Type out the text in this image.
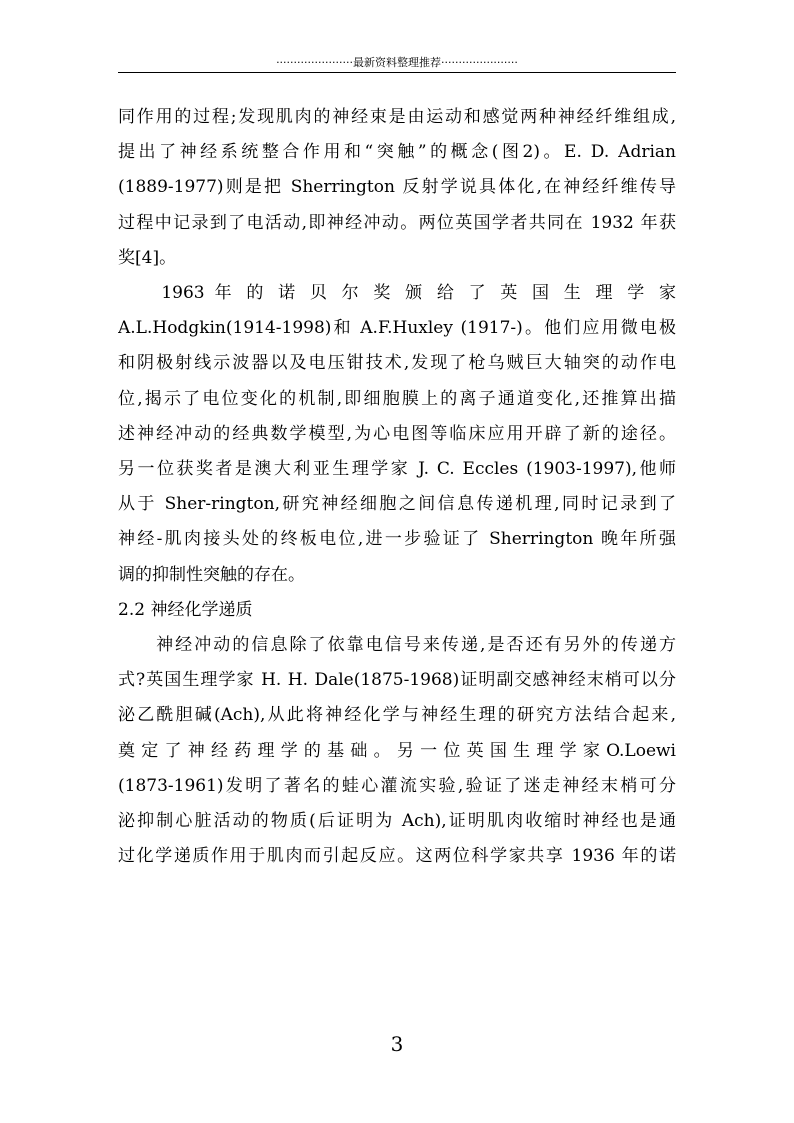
······················最新资料整理推荐······················
同作用的过程;发现肌肉的神经束是由运动和感觉两种神经纤维组成,
提出了神经系统整合作用和“突触”的概念(图2)。E. D. Adrian
(1889-1977)则是把 Sherrington 反射学说具体化,在神经纤维传导
过程中记录到了电活动,即神经冲动。两位英国学者共同在 1932 年获
奖[4]。
　　1963 年 的 诺 贝 尔 奖 颁 给 了 英 国 生 理 学 家
A.L.Hodgkin(1914-1998)和 A.F.Huxley (1917-)。他们应用微电极
和阴极射线示波器以及电压钳技术,发现了枪乌贼巨大轴突的动作电
位,揭示了电位变化的机制,即细胞膜上的离子通道变化,还推算出描
述神经冲动的经典数学模型,为心电图等临床应用开辟了新的途径。
另一位获奖者是澳大利亚生理学家 J. C. Eccles (1903-1997),他师
从于 Sher-rington,研究神经细胞之间信息传递机理,同时记录到了
神经-肌肉接头处的终板电位,进一步验证了 Sherrington 晚年所强
调的抑制性突触的存在。
2.2 神经化学递质
　　神经冲动的信息除了依靠电信号来传递,是否还有另外的传递方
式?英国生理学家 H. H. Dale(1875-1968)证明副交感神经末梢可以分
泌乙酰胆碱(Ach),从此将神经化学与神经生理的研究方法结合起来,
奠 定 了 神 经 药 理 学 的 基 础 。 另 一 位 英 国 生 理 学 家 O.Loewi
(1873-1961)发明了著名的蛙心灌流实验,验证了迷走神经末梢可分
泌抑制心脏活动的物质(后证明为 Ach),证明肌肉收缩时神经也是通
过化学递质作用于肌肉而引起反应。这两位科学家共享 1936 年的诺
3
